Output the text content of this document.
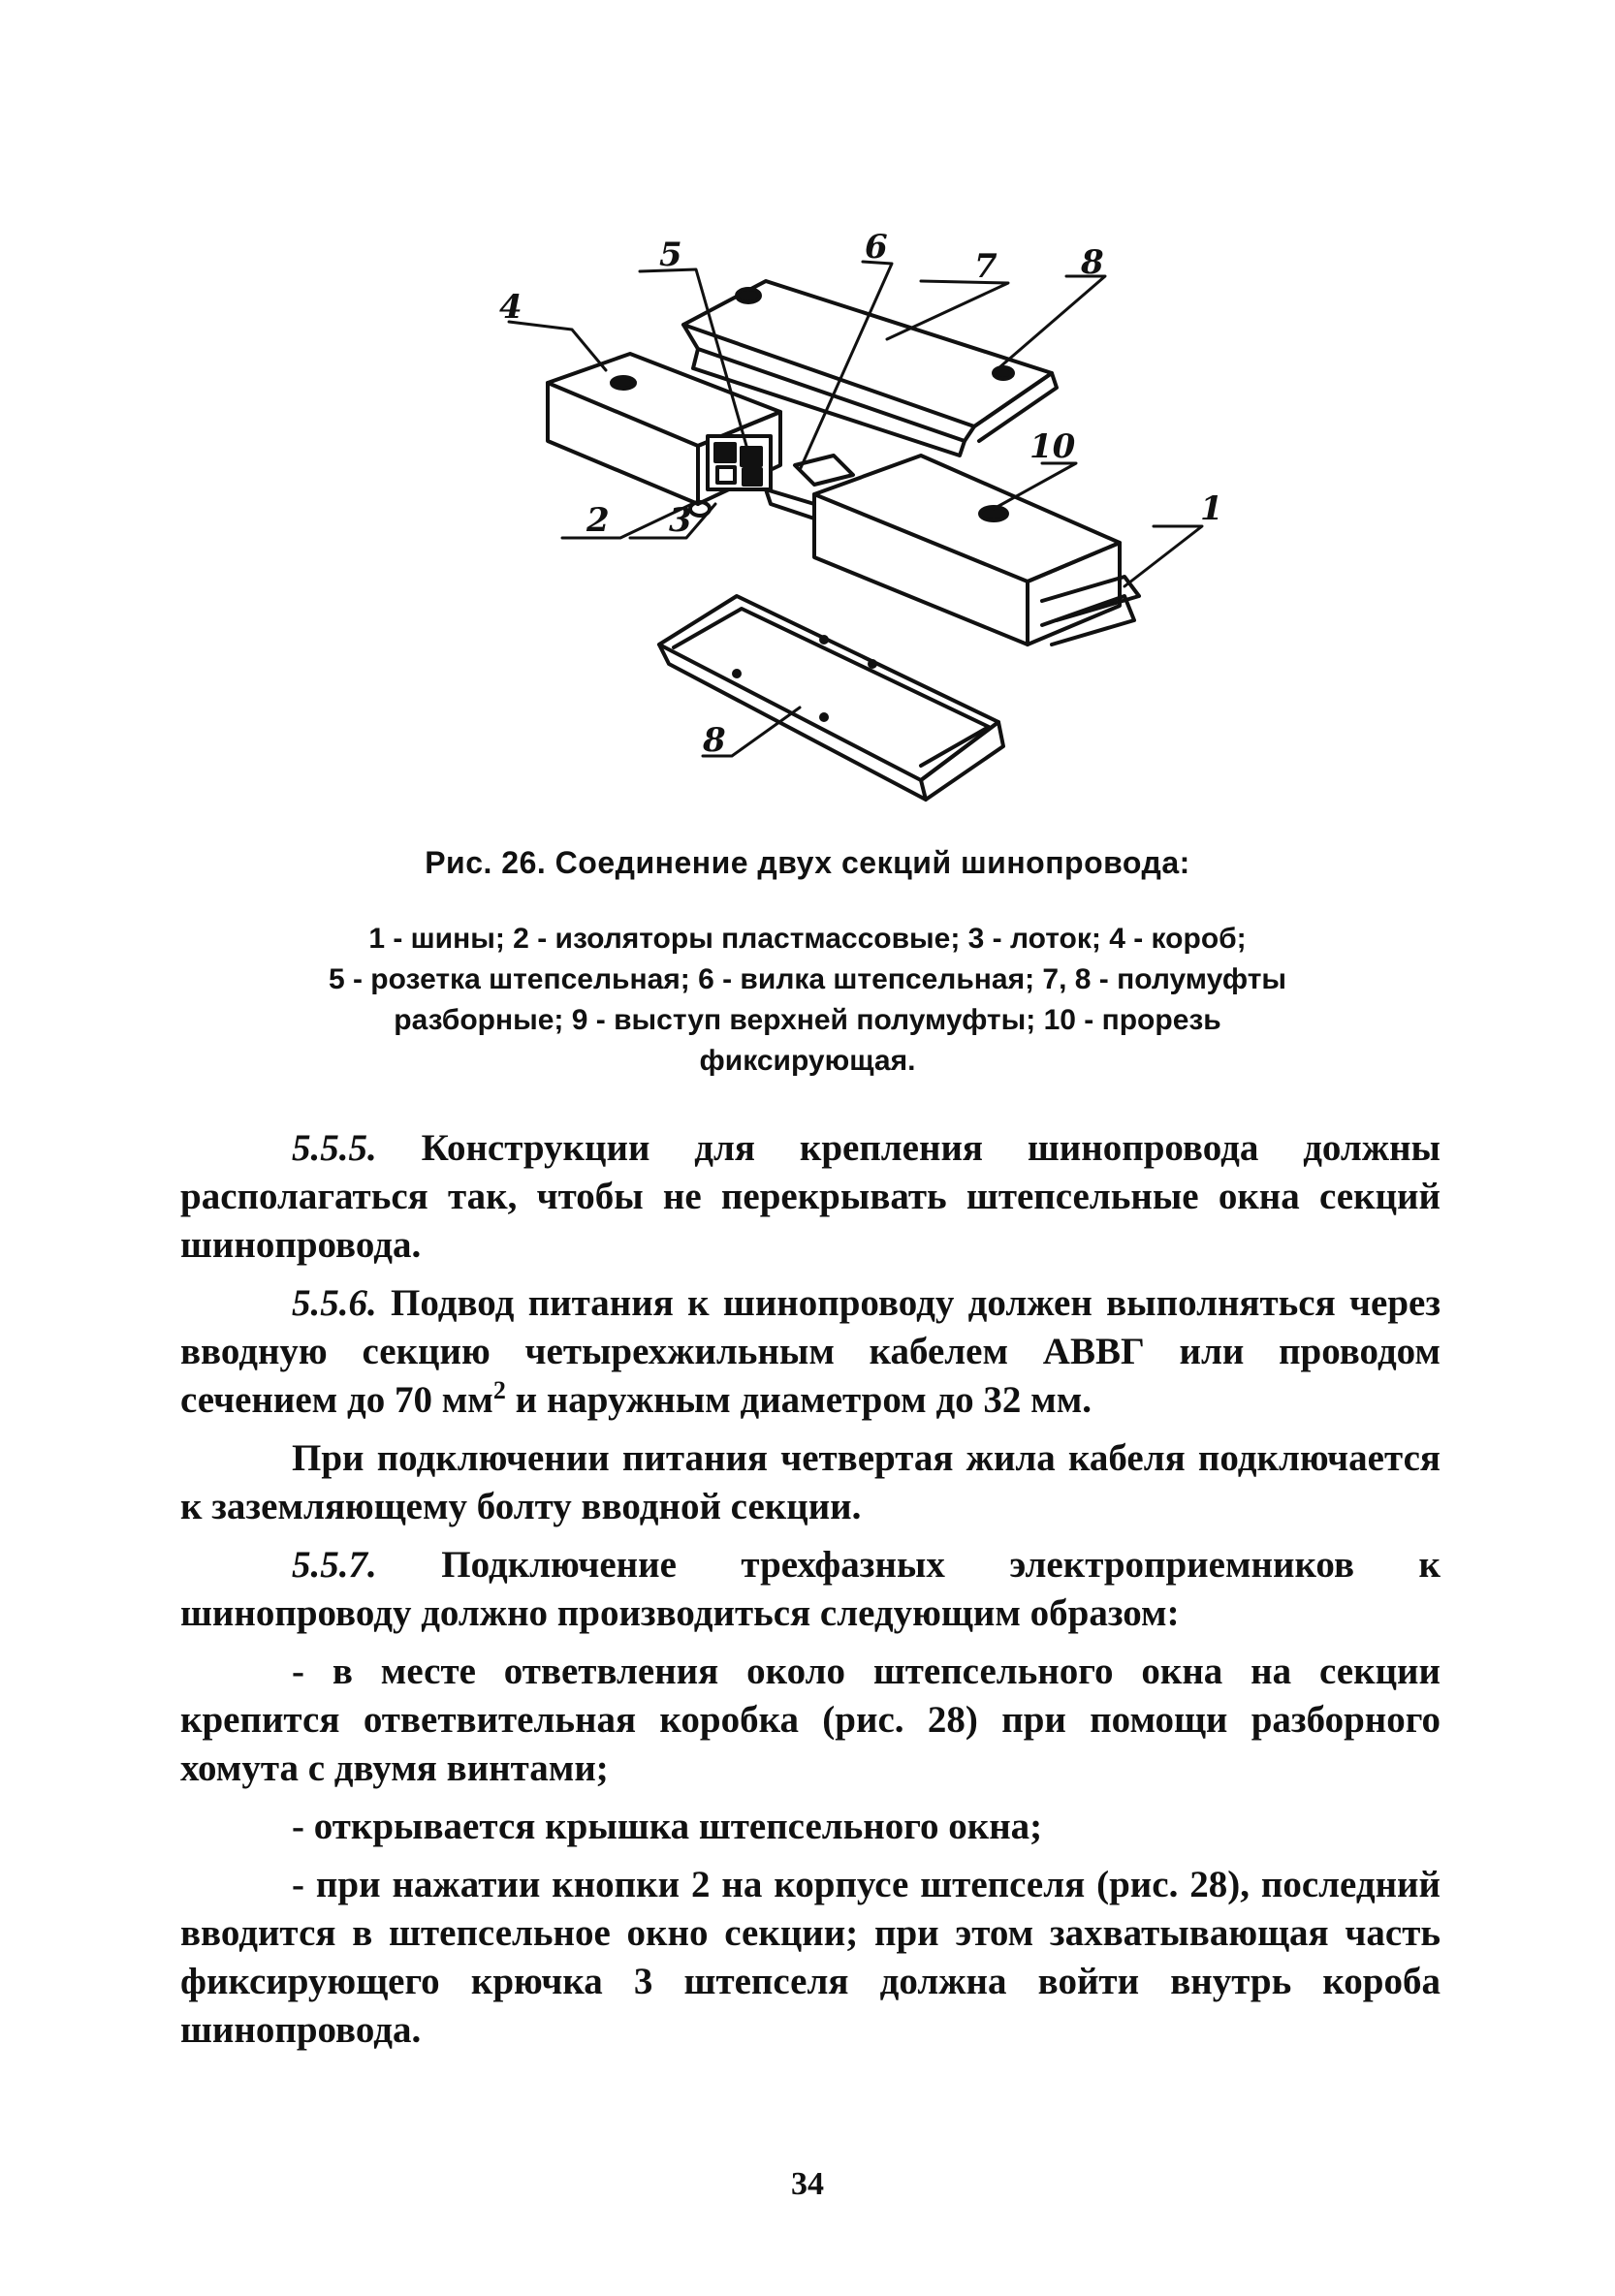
1
2 3
4
5	6	7	8
8
10
Рис. 26. Соединение двух секций шинопровода:
1 - шины; 2 - изоляторы пластмассовые; 3 - лоток; 4 - короб;
5 - розетка штепсельная; 6 - вилка штепсельная; 7, 8 - полумуфты
разборные; 9 - выступ верхней полумуфты; 10 - прорезь
фиксирующая.

5.5.5. Конструкции для крепления шинопровода должны располагаться так, чтобы не перекрывать штепсельные окна секций шинопровода.

5.5.6. Подвод питания к шинопроводу должен выполняться через вводную секцию четырехжильным кабелем АВВГ или проводом сечением до 70 $мм^2$ и наружным диаметром до 32 мм.

При подключении питания четвертая жила кабеля подключается к заземляющему болту вводной секции.

5.5.7. Подключение трехфазных электроприемников к шинопроводу должно производиться следующим образом:

- в месте ответвления около штепсельного окна на секции крепится ответвительная коробка (рис. 28) при помощи разборного хомута с двумя винтами;

- открывается крышка штепсельного окна;

- при нажатии кнопки 2 на корпусе штепселя (рис. 28), последний вводится в штепсельное окно секции; при этом захватывающая часть фиксирующего крючка 3 штепселя должна войти внутрь короба шинопровода.

34
